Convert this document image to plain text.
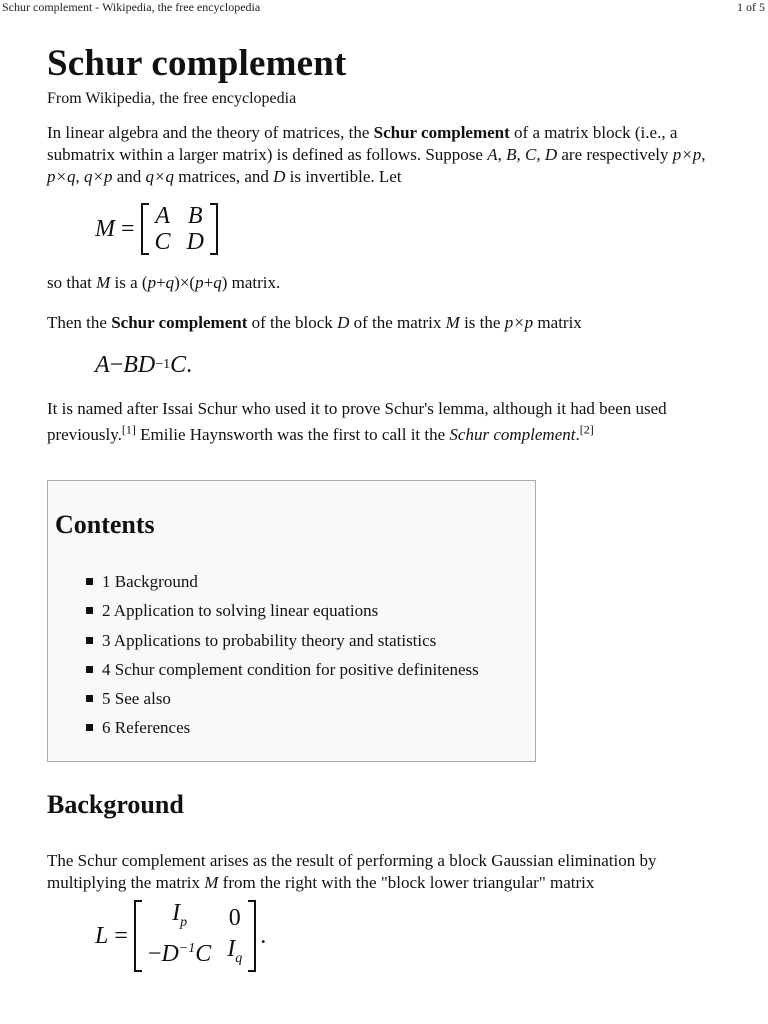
Schur complement - Wikipedia, the free encyclopedia	1 of 5
Schur complement

From Wikipedia, the free encyclopedia

In linear algebra and the theory of matrices, the Schur complement of a matrix block (i.e., a submatrix within a larger matrix) is defined as follows. Suppose A, B, C, D are respectively p×p, p×q, q×p and q×q matrices, and D is invertible. Let

M = A	B
C	D

so that M is a (p+q)×(p+q) matrix.

Then the Schur complement of the block D of the matrix M is the p×p matrix

A − BD −1 C .

It is named after Issai Schur who used it to prove Schur's lemma, although it had been used previously.[1] Emilie Haynsworth was the first to call it the Schur complement.[2]

Contents
1 Background
2 Application to solving linear equations
3 Applications to probability theory and statistics
4 Schur complement condition for positive definiteness
5 See also
6 References
Background

The Schur complement arises as the result of performing a block Gaussian elimination by multiplying the matrix M from the right with the "block lower triangular" matrix

L =
$I_p$	0
$-D^{-1}C$	$I_q$
.
